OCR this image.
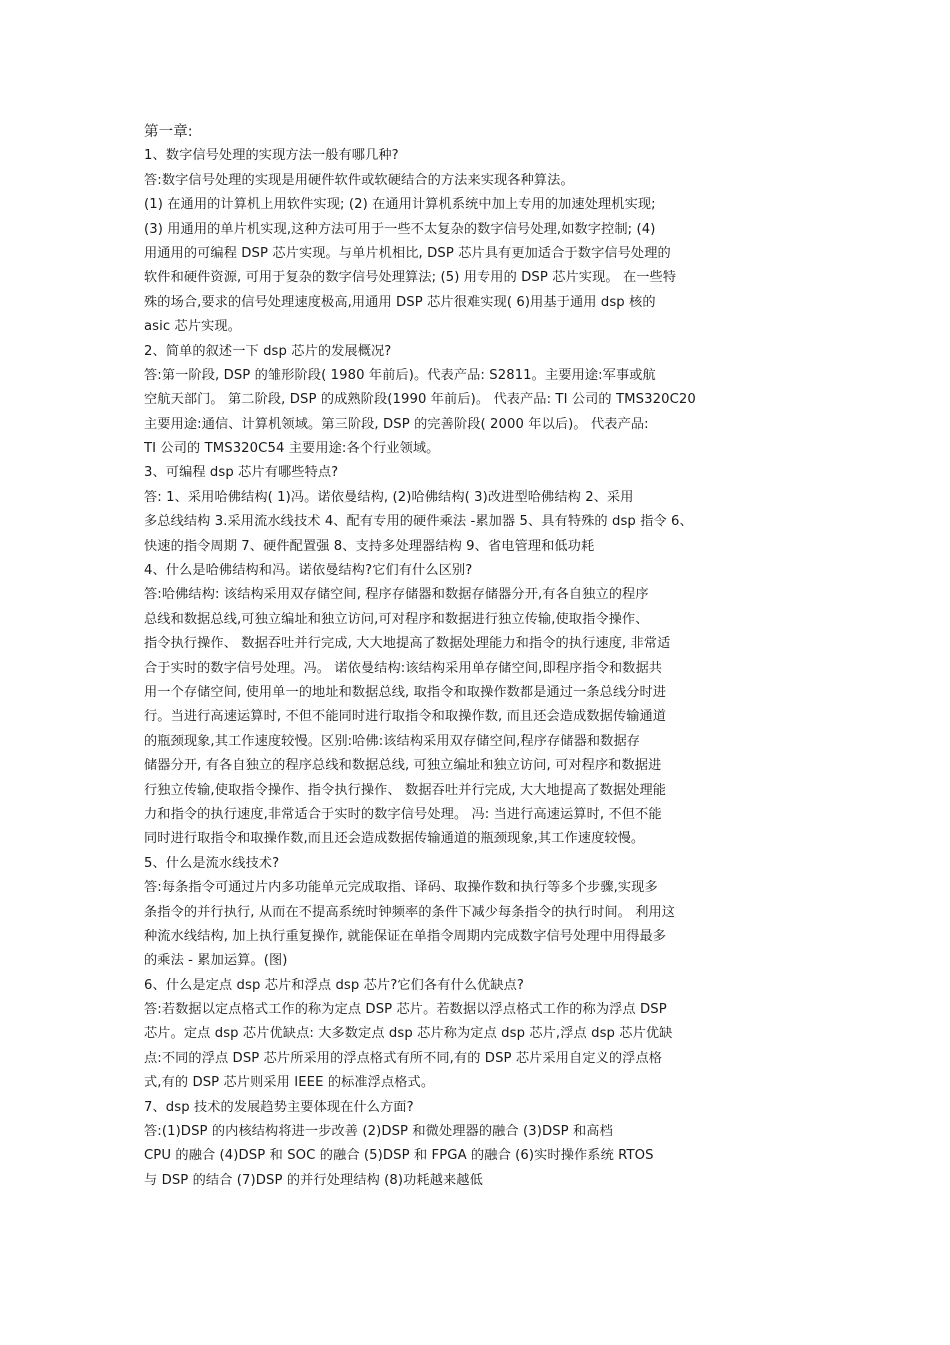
第一章:
1、数字信号处理的实现方法一般有哪几种?
答:数字信号处理的实现是用硬件软件或软硬结合的方法来实现各种算法。
(1) 在通用的计算机上用软件实现; (2) 在通用计算机系统中加上专用的加速处理机实现;
(3) 用通用的单片机实现,这种方法可用于一些不太复杂的数字信号处理,如数字控制; (4)
用通用的可编程 DSP 芯片实现。与单片机相比, DSP 芯片具有更加适合于数字信号处理的
软件和硬件资源, 可用于复杂的数字信号处理算法; (5) 用专用的 DSP 芯片实现。 在一些特
殊的场合,要求的信号处理速度极高,用通用 DSP 芯片很难实现( 6)用基于通用 dsp 核的
asic 芯片实现。
2、简单的叙述一下 dsp 芯片的发展概况?
答:第一阶段, DSP 的雏形阶段( 1980 年前后)。代表产品: S2811。主要用途:军事或航
空航天部门。 第二阶段, DSP 的成熟阶段(1990 年前后)。 代表产品: TI 公司的 TMS320C20
主要用途:通信、计算机领域。第三阶段, DSP 的完善阶段( 2000 年以后)。 代表产品:
TI 公司的 TMS320C54 主要用途:各个行业领域。
3、可编程 dsp 芯片有哪些特点?
答: 1、采用哈佛结构( 1)冯。诺依曼结构, (2)哈佛结构( 3)改进型哈佛结构 2、采用
多总线结构 3.采用流水线技术 4、配有专用的硬件乘法 -累加器 5、具有特殊的 dsp 指令 6、
快速的指令周期 7、硬件配置强 8、支持多处理器结构 9、省电管理和低功耗
4、什么是哈佛结构和冯。诺依曼结构?它们有什么区别?
答:哈佛结构: 该结构采用双存储空间, 程序存储器和数据存储器分开,有各自独立的程序
总线和数据总线,可独立编址和独立访问,可对程序和数据进行独立传输,使取指令操作、
指令执行操作、 数据吞吐并行完成, 大大地提高了数据处理能力和指令的执行速度, 非常适
合于实时的数字信号处理。冯。 诺依曼结构:该结构采用单存储空间,即程序指令和数据共
用一个存储空间, 使用单一的地址和数据总线, 取指令和取操作数都是通过一条总线分时进
行。当进行高速运算时, 不但不能同时进行取指令和取操作数, 而且还会造成数据传输通道
的瓶颈现象,其工作速度较慢。区别:哈佛:该结构采用双存储空间,程序存储器和数据存
储器分开, 有各自独立的程序总线和数据总线, 可独立编址和独立访问, 可对程序和数据进
行独立传输,使取指令操作、指令执行操作、 数据吞吐并行完成, 大大地提高了数据处理能
力和指令的执行速度,非常适合于实时的数字信号处理。 冯: 当进行高速运算时, 不但不能
同时进行取指令和取操作数,而且还会造成数据传输通道的瓶颈现象,其工作速度较慢。
5、什么是流水线技术?
答:每条指令可通过片内多功能单元完成取指、译码、取操作数和执行等多个步骤,实现多
条指令的并行执行, 从而在不提高系统时钟频率的条件下减少每条指令的执行时间。 利用这
种流水线结构, 加上执行重复操作, 就能保证在单指令周期内完成数字信号处理中用得最多
的乘法 - 累加运算。(图)
6、什么是定点 dsp 芯片和浮点 dsp 芯片?它们各有什么优缺点?
答:若数据以定点格式工作的称为定点 DSP 芯片。若数据以浮点格式工作的称为浮点 DSP
芯片。定点 dsp 芯片优缺点: 大多数定点 dsp 芯片称为定点 dsp 芯片,浮点 dsp 芯片优缺
点:不同的浮点 DSP 芯片所采用的浮点格式有所不同,有的 DSP 芯片采用自定义的浮点格
式,有的 DSP 芯片则采用 IEEE 的标准浮点格式。
7、dsp 技术的发展趋势主要体现在什么方面?
答:(1)DSP 的内核结构将进一步改善 (2)DSP 和微处理器的融合 (3)DSP 和高档
CPU 的融合 (4)DSP 和 SOC 的融合 (5)DSP 和 FPGA 的融合 (6)实时操作系统 RTOS
与 DSP 的结合 (7)DSP 的并行处理结构 (8)功耗越来越低
